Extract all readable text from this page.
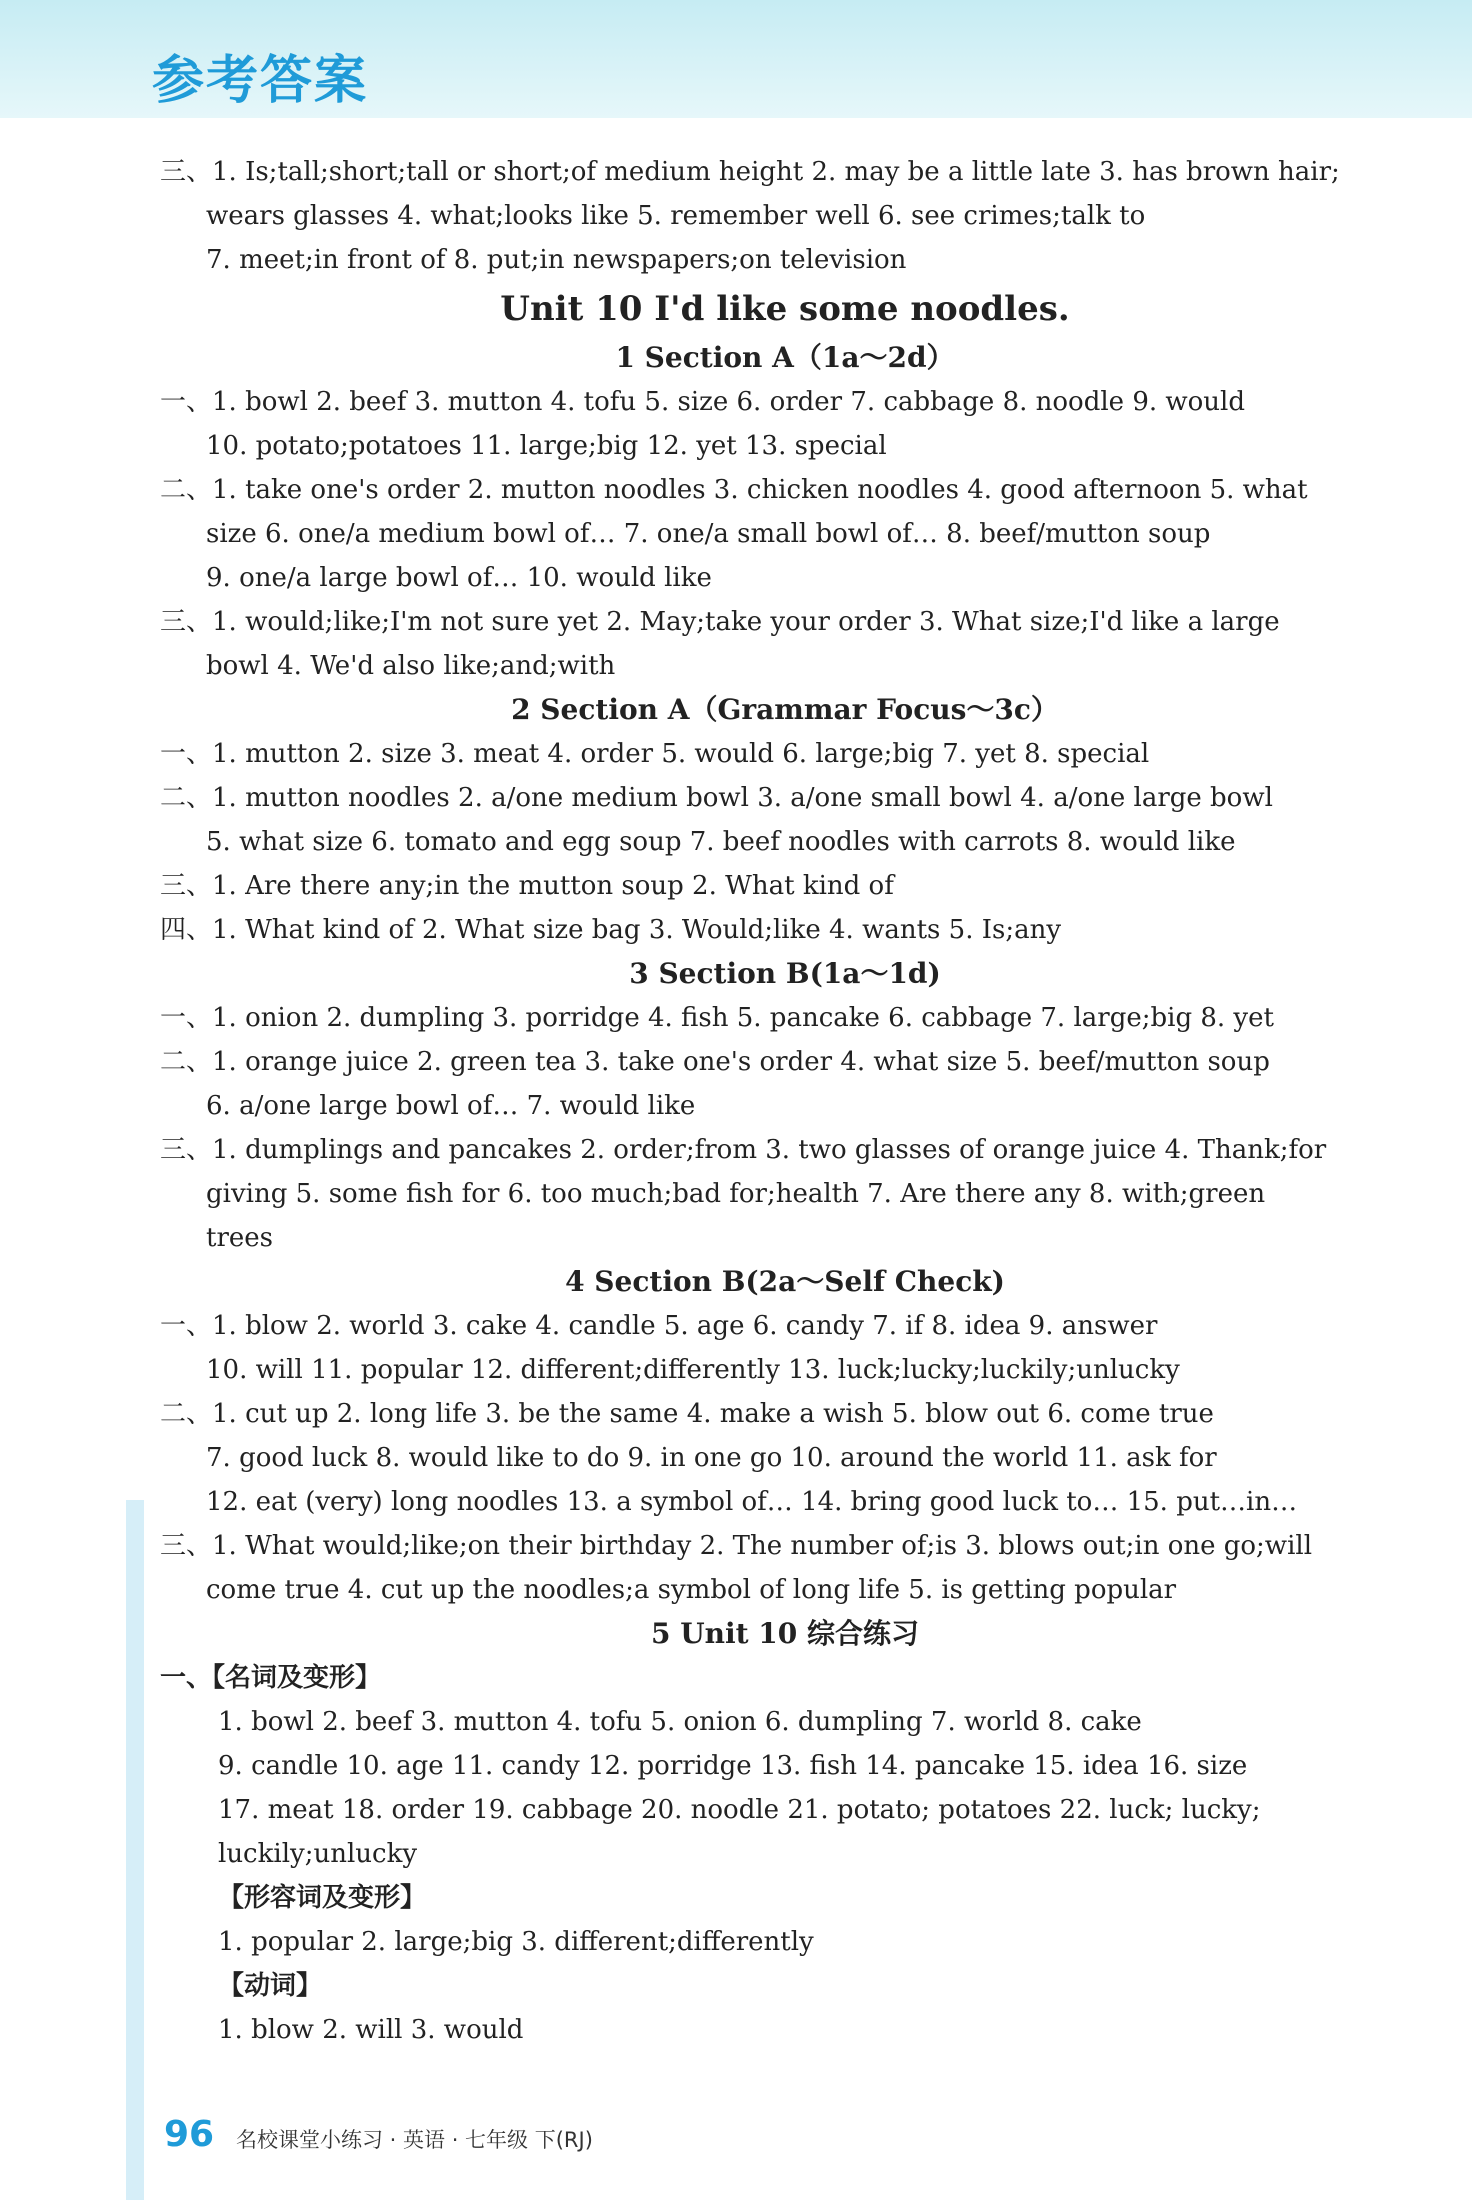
参考答案
三、1. Is;tall;short;tall or short;of medium height 2. may be a little late 3. has brown hair;
wears glasses 4. what;looks like 5. remember well 6. see crimes;talk to
7. meet;in front of 8. put;in newspapers;on television
Unit 10 I'd like some noodles.
1 Section A（1a～2d）
一、1. bowl 2. beef 3. mutton 4. tofu 5. size 6. order 7. cabbage 8. noodle 9. would
10. potato;potatoes 11. large;big 12. yet 13. special
二、1. take one's order 2. mutton noodles 3. chicken noodles 4. good afternoon 5. what
size 6. one/a medium bowl of… 7. one/a small bowl of… 8. beef/mutton soup
9. one/a large bowl of… 10. would like
三、1. would;like;I'm not sure yet 2. May;take your order 3. What size;I'd like a large
bowl 4. We'd also like;and;with
2 Section A（Grammar Focus～3c）
一、1. mutton 2. size 3. meat 4. order 5. would 6. large;big 7. yet 8. special
二、1. mutton noodles 2. a/one medium bowl 3. a/one small bowl 4. a/one large bowl
5. what size 6. tomato and egg soup 7. beef noodles with carrots 8. would like
三、1. Are there any;in the mutton soup 2. What kind of
四、1. What kind of 2. What size bag 3. Would;like 4. wants 5. Is;any
3 Section B(1a～1d)
一、1. onion 2. dumpling 3. porridge 4. fish 5. pancake 6. cabbage 7. large;big 8. yet
二、1. orange juice 2. green tea 3. take one's order 4. what size 5. beef/mutton soup
6. a/one large bowl of… 7. would like
三、1. dumplings and pancakes 2. order;from 3. two glasses of orange juice 4. Thank;for
giving 5. some fish for 6. too much;bad for;health 7. Are there any 8. with;green
trees
4 Section B(2a～Self Check)
一、1. blow 2. world 3. cake 4. candle 5. age 6. candy 7. if 8. idea 9. answer
10. will 11. popular 12. different;differently 13. luck;lucky;luckily;unlucky
二、1. cut up 2. long life 3. be the same 4. make a wish 5. blow out 6. come true
7. good luck 8. would like to do 9. in one go 10. around the world 11. ask for
12. eat (very) long noodles 13. a symbol of… 14. bring good luck to… 15. put…in…
三、1. What would;like;on their birthday 2. The number of;is 3. blows out;in one go;will
come true 4. cut up the noodles;a symbol of long life 5. is getting popular
5 Unit 10 综合练习
一、【名词及变形】
1. bowl 2. beef 3. mutton 4. tofu 5. onion 6. dumpling 7. world 8. cake
9. candle 10. age 11. candy 12. porridge 13. fish 14. pancake 15. idea 16. size
17. meat 18. order 19. cabbage 20. noodle 21. potato; potatoes 22. luck; lucky;
luckily;unlucky
【形容词及变形】
1. popular 2. large;big 3. different;differently
【动词】
1. blow 2. will 3. would
96 名校课堂小练习 · 英语 · 七年级 下(RJ)
